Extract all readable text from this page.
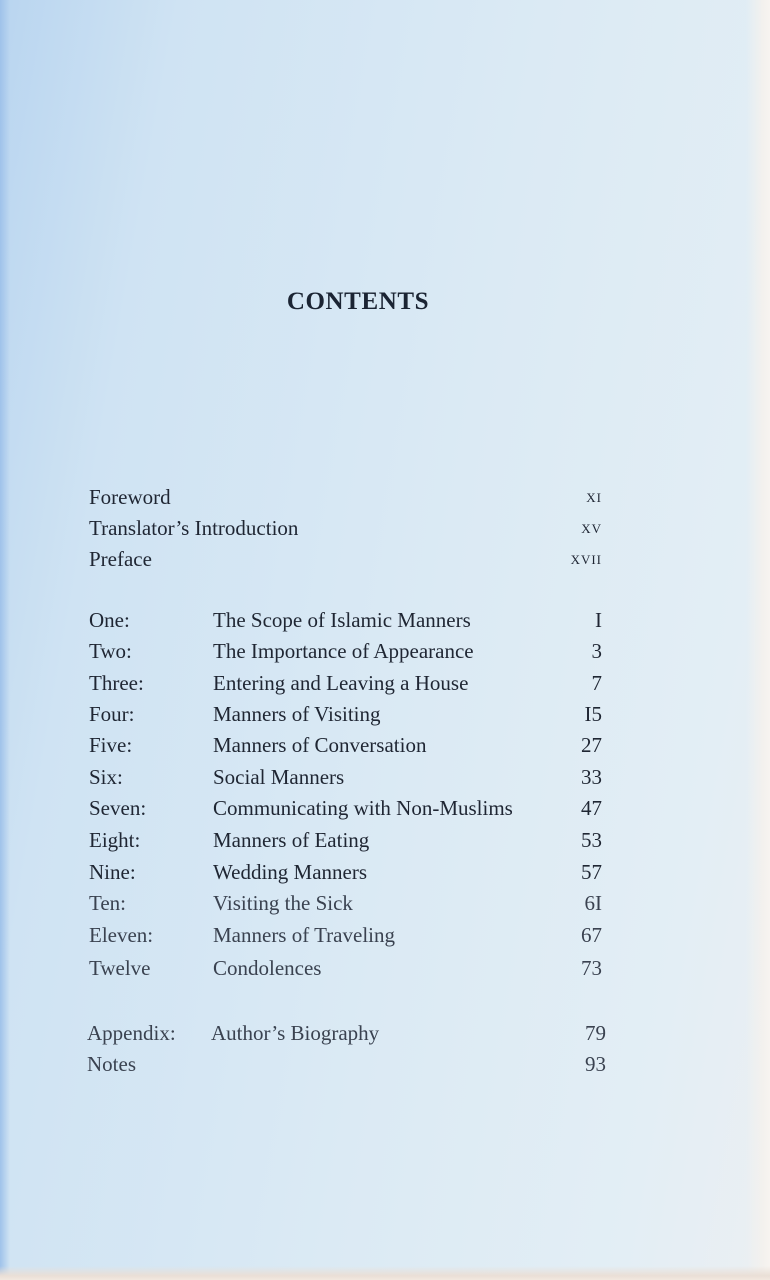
CONTENTS
Foreword	xi
Translator’s Introduction	xv
Preface	xvii
One:	The Scope of Islamic Manners	I
Two:	The Importance of Appearance	3
Three:	Entering and Leaving a House	7
Four:	Manners of Visiting	I5
Five:	Manners of Conversation	27
Six:	Social Manners	33
Seven:	Communicating with Non-Muslims	47
Eight:	Manners of Eating	53
Nine:	Wedding Manners	57
Ten:	Visiting the Sick	6I
Eleven:	Manners of Traveling	67
Twelve	Condolences	73
Appendix: Author’s Biography	79
Notes	93
